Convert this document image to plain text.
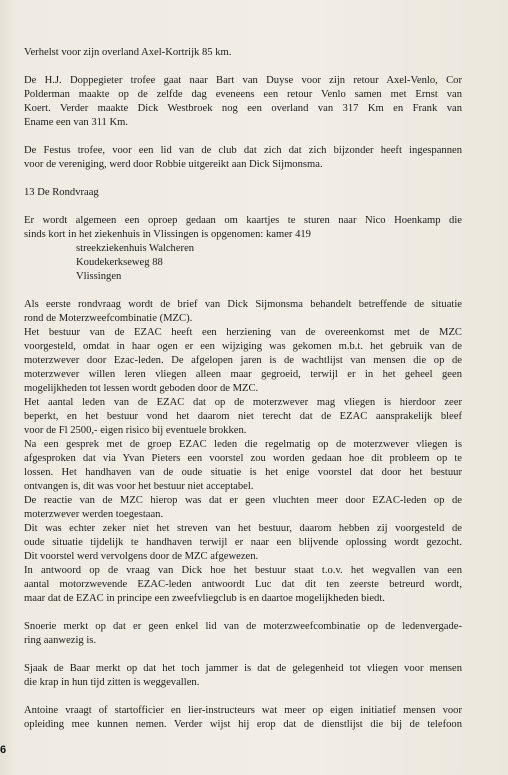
Verhelst voor zijn overland Axel-Kortrijk 85 km.
De H.J. Doppegieter trofee gaat naar Bart van Duyse voor zijn retour Axel-Venlo, Cor
Polderman maakte op de zelfde dag eveneens een retour Venlo samen met Ernst van
Koert. Verder maakte Dick Westbroek nog een overland van 317 Km en Frank van
Ename een van 311 Km.
De Festus trofee, voor een lid van de club dat zich dat zich bijzonder heeft ingespannen
voor de vereniging, werd door Robbie uitgereikt aan Dick Sijmonsma.
13 De Rondvraag
Er wordt algemeen een oproep gedaan om kaartjes te sturen naar Nico Hoenkamp die
sinds kort in het ziekenhuis in Vlissingen is opgenomen: kamer 419
streekziekenhuis Walcheren
Koudekerkseweg 88
Vlissingen
Als eerste rondvraag wordt de brief van Dick Sijmonsma behandelt betreffende de situatie
rond de Moterzweefcombinatie (MZC).
Het bestuur van de EZAC heeft een herziening van de overeenkomst met de MZC
voorgesteld, omdat in haar ogen er een wijziging was gekomen m.b.t. het gebruik van de
moterzwever door Ezac-leden. De afgelopen jaren is de wachtlijst van mensen die op de
moterzwever willen leren vliegen alleen maar gegroeid, terwijl er in het geheel geen
mogelijkheden tot lessen wordt geboden door de MZC.
Het aantal leden van de EZAC dat op de moterzwever mag vliegen is hierdoor zeer
beperkt, en het bestuur vond het daarom niet terecht dat de EZAC aansprakelijk bleef
voor de Fl 2500,- eigen risico bij eventuele brokken.
Na een gesprek met de groep EZAC leden die regelmatig op de moterzwever vliegen is
afgesproken dat via Yvan Pieters een voorstel zou worden gedaan hoe dit probleem op te
lossen. Het handhaven van de oude situatie is het enige voorstel dat door het bestuur
ontvangen is, dit was voor het bestuur niet acceptabel.
De reactie van de MZC hierop was dat er geen vluchten meer door EZAC-leden op de
moterzwever werden toegestaan.
Dit was echter zeker niet het streven van het bestuur, daarom hebben zij voorgesteld de
oude situatie tijdelijk te handhaven terwijl er naar een blijvende oplossing wordt gezocht.
Dit voorstel werd vervolgens door de MZC afgewezen.
In antwoord op de vraag van Dick hoe het bestuur staat t.o.v. het wegvallen van een
aantal motorzwevende EZAC-leden antwoordt Luc dat dit ten zeerste betreurd wordt,
maar dat de EZAC in principe een zweefvliegclub is en daartoe mogelijkheden biedt.
Snoerie merkt op dat er geen enkel lid van de moterzweefcombinatie op de ledenvergade-
ring aanwezig is.
Sjaak de Baar merkt op dat het toch jammer is dat de gelegenheid tot vliegen voor mensen
die krap in hun tijd zitten is weggevallen.
Antoine vraagt of startofficier en lier-instructeurs wat meer op eigen initiatief mensen voor
opleiding mee kunnen nemen. Verder wijst hij erop dat de dienstlijst die bij de telefoon
6
